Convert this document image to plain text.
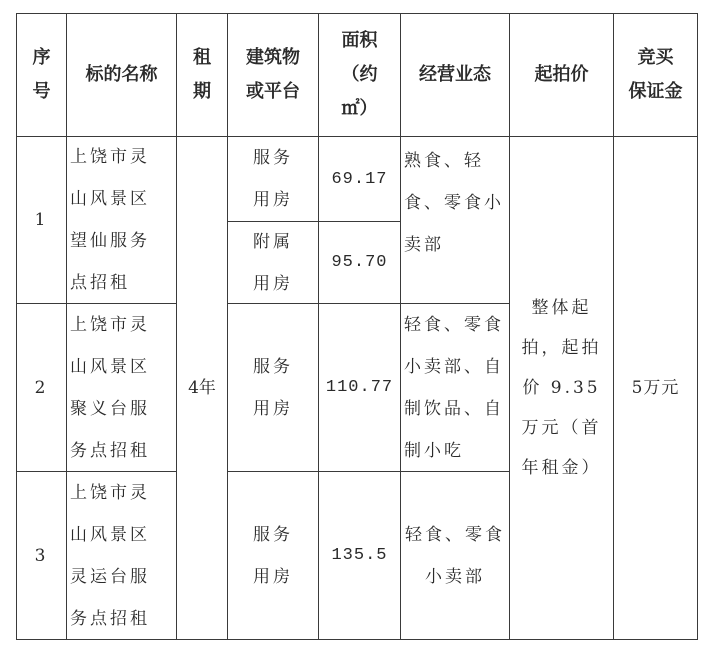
序
号
标的名称
租
期
建筑物
或平台
面积
（约
㎡）
经营业态	起拍价
竞买
保证金
1
上饶市灵
山风景区
望仙服务
点招租
服务
用房
69.17
熟食、轻
食、零食小
卖部
附属
用房
95.70
2
上饶市灵
山风景区
聚义台服
务点招租
服务
用房
110.77
轻食、零食
小卖部、自
制饮品、自
制小吃
3
上饶市灵
山风景区
灵运台服
务点招租
服务
用房
135.5
轻食、零食
小卖部
4年
整体起
拍，起拍
价 9.35
万元（首
年租金）
5万元
